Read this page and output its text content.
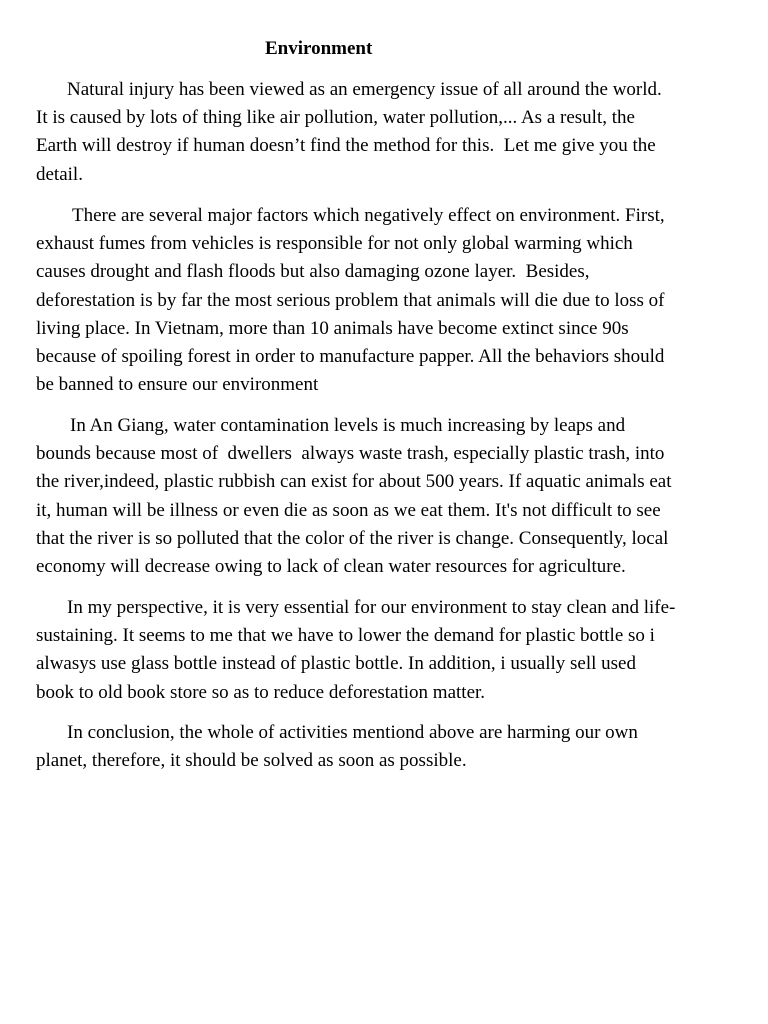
Environment

Natural injury has been viewed as an emergency issue of all around the world.
It is caused by lots of thing like air pollution, water pollution,... As a result, the
Earth will destroy if human doesn’t find the method for this.  Let me give you the
detail.

There are several major factors which negatively effect on environment. First,
exhaust fumes from vehicles is responsible for not only global warming which
causes drought and flash floods but also damaging ozone layer.  Besides,
deforestation is by far the most serious problem that animals will die due to loss of
living place. In Vietnam, more than 10 animals have become extinct since 90s
because of spoiling forest in order to manufacture papper. All the behaviors should
be banned to ensure our environment

In An Giang, water contamination levels is much increasing by leaps and
bounds because most of  dwellers  always waste trash, especially plastic trash, into
the river,indeed, plastic rubbish can exist for about 500 years. If aquatic animals eat
it, human will be illness or even die as soon as we eat them. It's not difficult to see
that the river is so polluted that the color of the river is change. Consequently, local
economy will decrease owing to lack of clean water resources for agriculture.

In my perspective, it is very essential for our environment to stay clean and life-
sustaining. It seems to me that we have to lower the demand for plastic bottle so i
alwasys use glass bottle instead of plastic bottle. In addition, i usually sell used
book to old book store so as to reduce deforestation matter.

In conclusion, the whole of activities mentiond above are harming our own
planet, therefore, it should be solved as soon as possible.
